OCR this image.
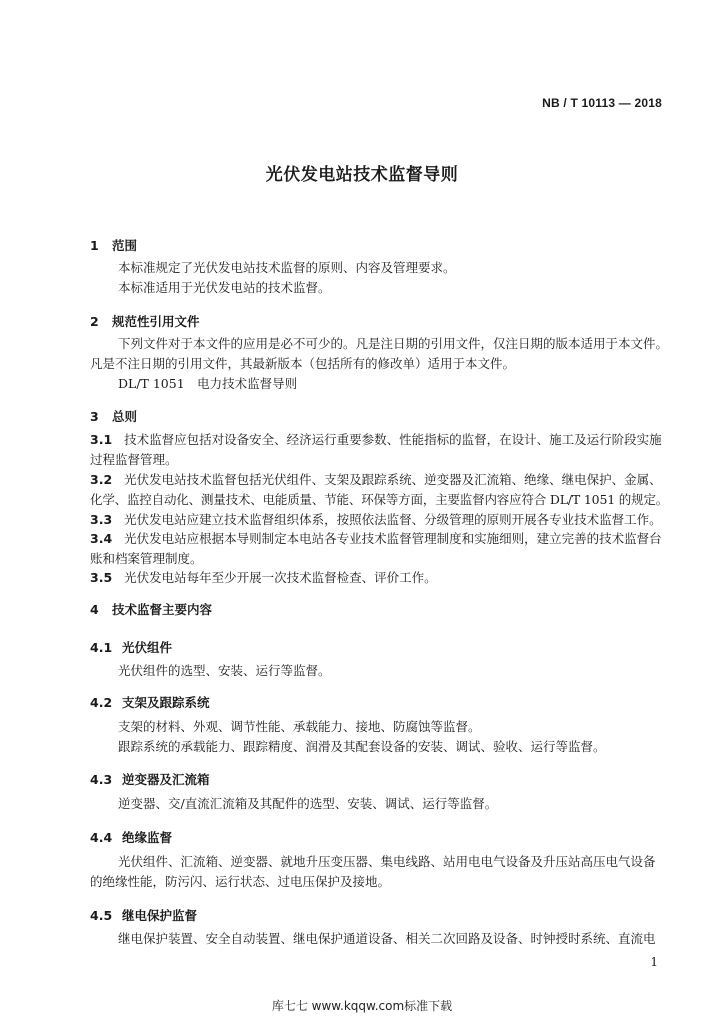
NB / T 10113 — 2018
光伏发电站技术监督导则
1 范围
本标准规定了光伏发电站技术监督的原则、内容及管理要求。
本标准适用于光伏发电站的技术监督。
2 规范性引用文件
下列文件对于本文件的应用是必不可少的。凡是注日期的引用文件，仅注日期的版本适用于本文件。
凡是不注日期的引用文件，其最新版本（包括所有的修改单）适用于本文件。
DL/T 1051　电力技术监督导则
3 总则
3.1 技术监督应包括对设备安全、经济运行重要参数、性能指标的监督，在设计、施工及运行阶段实施
过程监督管理。
3.2 光伏发电站技术监督包括光伏组件、支架及跟踪系统、逆变器及汇流箱、绝缘、继电保护、金属、
化学、监控自动化、测量技术、电能质量、节能、环保等方面，主要监督内容应符合 DL/T 1051 的规定。
3.3 光伏发电站应建立技术监督组织体系，按照依法监督、分级管理的原则开展各专业技术监督工作。
3.4 光伏发电站应根据本导则制定本电站各专业技术监督管理制度和实施细则，建立完善的技术监督台
账和档案管理制度。
3.5 光伏发电站每年至少开展一次技术监督检查、评价工作。
4 技术监督主要内容
4.1 光伏组件
光伏组件的选型、安装、运行等监督。
4.2 支架及跟踪系统
支架的材料、外观、调节性能、承载能力、接地、防腐蚀等监督。
跟踪系统的承载能力、跟踪精度、润滑及其配套设备的安装、调试、验收、运行等监督。
4.3 逆变器及汇流箱
逆变器、交/直流汇流箱及其配件的选型、安装、调试、运行等监督。
4.4 绝缘监督
光伏组件、汇流箱、逆变器、就地升压变压器、集电线路、站用电电气设备及升压站高压电气设备
的绝缘性能，防污闪、运行状态、过电压保护及接地。
4.5 继电保护监督
继电保护装置、安全自动装置、继电保护通道设备、相关二次回路及设备、时钟授时系统、直流电
1
库七七 www.kqqw.com标准下载
